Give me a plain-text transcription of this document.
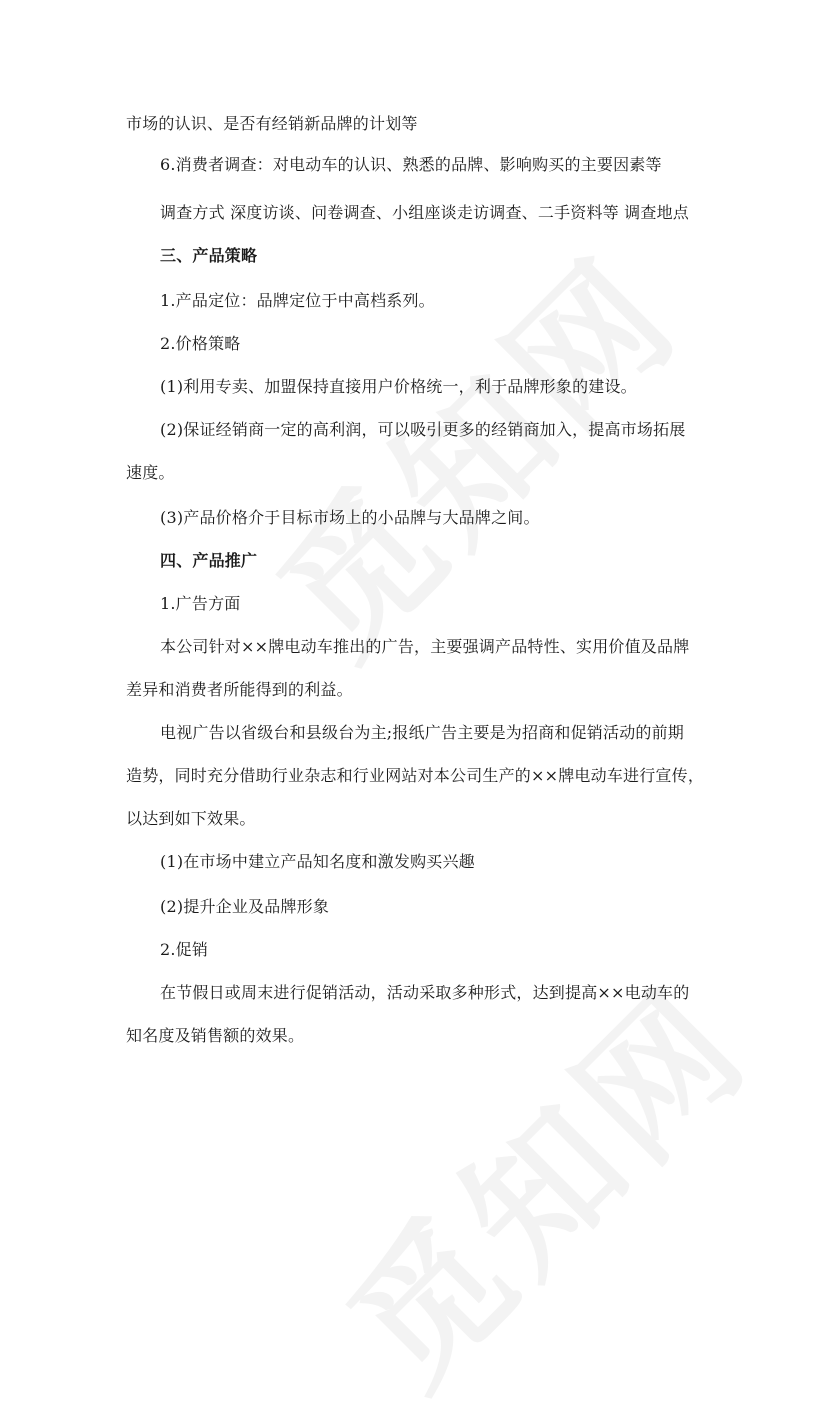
市场的认识、是否有经销新品牌的计划等
6.消费者调查：对电动车的认识、熟悉的品牌、影响购买的主要因素等
调查方式 深度访谈、问卷调查、小组座谈走访调查、二手资料等 调查地点
三、产品策略
1.产品定位：品牌定位于中高档系列。
2.价格策略
(1)利用专卖、加盟保持直接用户价格统一，利于品牌形象的建设。
(2)保证经销商一定的高利润，可以吸引更多的经销商加入，提高市场拓展
速度。
(3)产品价格介于目标市场上的小品牌与大品牌之间。
四、产品推广
1.广告方面
本公司针对××牌电动车推出的广告，主要强调产品特性、实用价值及品牌
差异和消费者所能得到的利益。
电视广告以省级台和县级台为主;报纸广告主要是为招商和促销活动的前期
造势，同时充分借助行业杂志和行业网站对本公司生产的××牌电动车进行宣传，
以达到如下效果。
(1)在市场中建立产品知名度和激发购买兴趣
(2)提升企业及品牌形象
2.促销
在节假日或周末进行促销活动，活动采取多种形式，达到提高××电动车的
知名度及销售额的效果。
